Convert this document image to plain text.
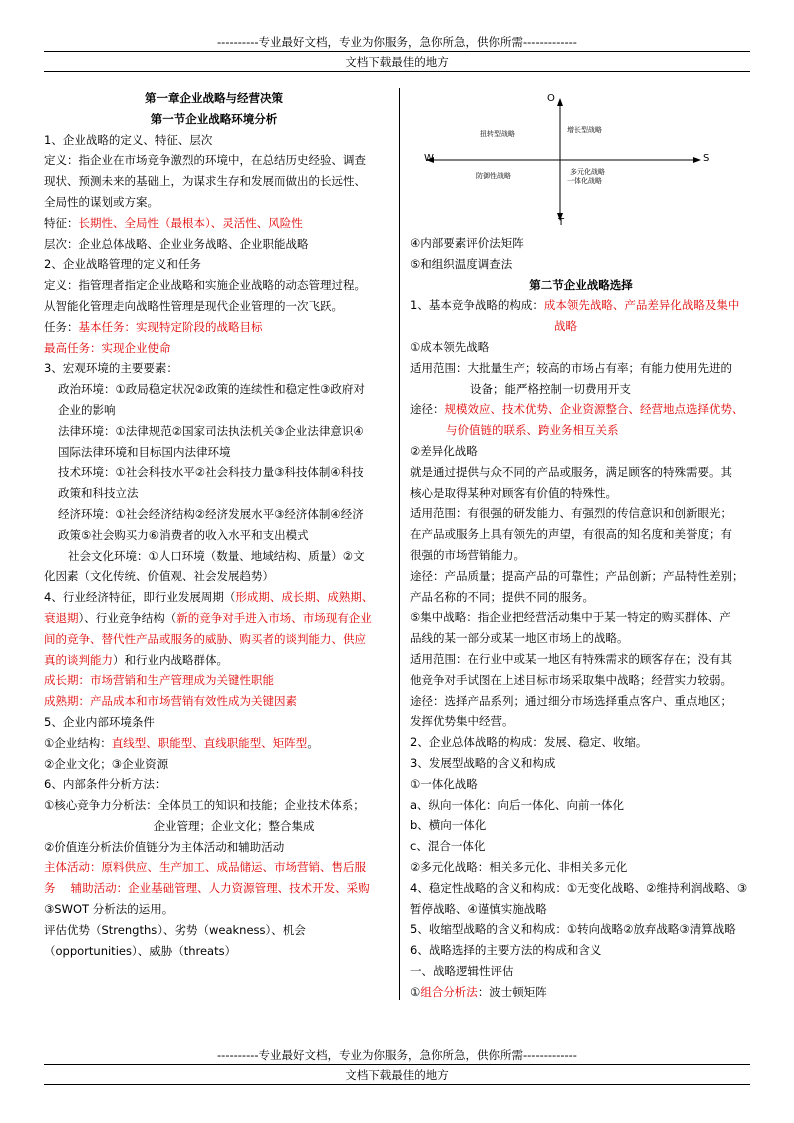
----------专业最好文档，专业为你服务，急你所急，供你所需-------------
文档下载最佳的地方

第一章企业战略与经营决策

第一节企业战略环境分析

1、企业战略的定义、特征、层次

定义：指企业在市场竞争激烈的环境中，在总结历史经验、调查

现状、预测未来的基础上，为谋求生存和发展而做出的长远性、

全局性的谋划或方案。

特征：长期性、全局性（最根本）、灵活性、风险性

层次：企业总体战略、企业业务战略、企业职能战略

2、企业战略管理的定义和任务

定义：指管理者指定企业战略和实施企业战略的动态管理过程。

从智能化管理走向战略性管理是现代企业管理的一次飞跃。

任务：基本任务：实现特定阶段的战略目标

最高任务：实现企业使命

3、宏观环境的主要要素：

政治环境：①政局稳定状况②政策的连续性和稳定性③政府对

企业的影响

法律环境：①法律规范②国家司法执法机关③企业法律意识④

国际法律环境和目标国内法律环境

技术环境：①社会科技水平②社会科技力量③科技体制④科技

政策和科技立法

经济环境：①社会经济结构②经济发展水平③经济体制④经济

政策⑤社会购买力⑥消费者的收入水平和支出模式

社会文化环境：①人口环境（数量、地域结构、质量）②文

化因素（文化传统、价值观、社会发展趋势）

4、行业经济特征，即行业发展周期（形成期、成长期、成熟期、

衰退期）、行业竞争结构（新的竞争对手进入市场、市场现有企业

间的竞争、替代性产品或服务的威胁、购买者的谈判能力、供应

真的谈判能力）和行业内战略群体。

成长期：市场营销和生产管理成为关键性职能

成熟期：产品成本和市场营销有效性成为关键因素

5、企业内部环境条件

①企业结构：直线型、职能型、直线职能型、矩阵型。

②企业文化；③企业资源

6、内部条件分析方法：

①核心竞争力分析法：全体员工的知识和技能；企业技术体系；

企业管理；企业文化；整合集成

②价值连分析法价值链分为主体活动和辅助活动

主体活动：原料供应、生产加工、成品储运、市场营销、售后服

务　 辅助活动：企业基础管理、人力资源管理、技术开发、采购

③SWOT 分析法的运用。

评估优势（Strengths）、劣势（weakness）、机会

（opportunities）、威胁（threats）

O
W	S
T
扭转型战略	增长型战略
防御性战略	多元化战略
一体化战略

④内部要素评价法矩阵

⑤和组织温度调查法

第二节企业战略选择

1、基本竞争战略的构成：成本领先战略、产品差异化战略及集中

战略

①成本领先战略

适用范围：大批量生产；较高的市场占有率；有能力使用先进的

设备；能严格控制一切费用开支

途径：规模效应、技术优势、企业资源整合、经营地点选择优势、

与价值链的联系、跨业务相互关系

②差异化战略

就是通过提供与众不同的产品或服务，满足顾客的特殊需要。其

核心是取得某种对顾客有价值的特殊性。

适用范围：有很强的研发能力、有强烈的传信意识和创新眼光；

在产品或服务上具有领先的声望，有很高的知名度和美誉度；有

很强的市场营销能力。

途径：产品质量；提高产品的可靠性；产品创新；产品特性差别；

产品名称的不同；提供不同的服务。

⑤集中战略：指企业把经营活动集中于某一特定的购买群体、产

品线的某一部分或某一地区市场上的战略。

适用范围：在行业中或某一地区有特殊需求的顾客存在；没有其

他竞争对手试图在上述目标市场采取集中战略；经营实力较弱。

途径：选择产品系列；通过细分市场选择重点客户、重点地区；

发挥优势集中经营。

2、企业总体战略的构成：发展、稳定、收缩。

3、发展型战略的含义和构成

①一体化战略

a、纵向一体化：向后一体化、向前一体化

b、横向一体化

c、混合一体化

②多元化战略：相关多元化、非相关多元化

4、稳定性战略的含义和构成：①无变化战略、②维持利润战略、③

暂停战略、④谨慎实施战略

5、收缩型战略的含义和构成：①转向战略②放弃战略③清算战略

6、战略选择的主要方法的构成和含义

一、战略逻辑性评估

①组合分析法：波士顿矩阵

----------专业最好文档，专业为你服务，急你所急，供你所需-------------
文档下载最佳的地方
